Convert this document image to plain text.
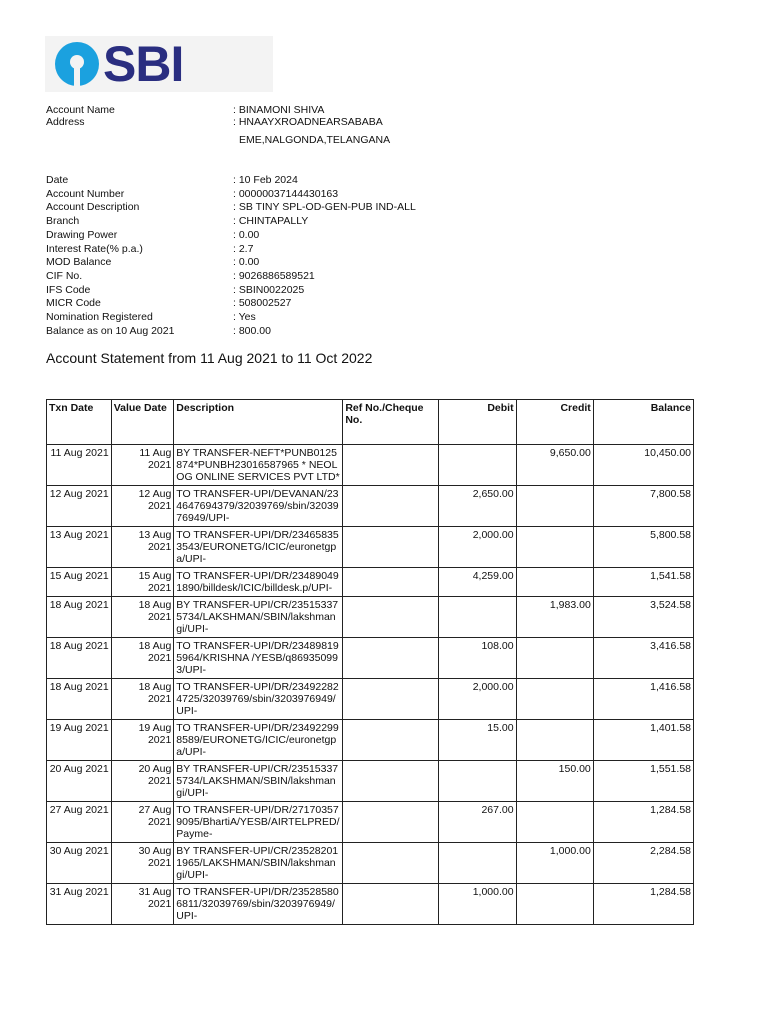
SBI
Account Name	: BINAMONI SHIVA
Address	: HNAAYXROADNEARSABABA
EME,NALGONDA,TELANGANA
Date	: 10 Feb 2024
Account Number	: 00000037144430163
Account Description	: SB TINY SPL-OD-GEN-PUB IND-ALL
Branch	: CHINTAPALLY
Drawing Power	: 0.00
Interest Rate(% p.a.)	: 2.7
MOD Balance	: 0.00
CIF No.	: 9026886589521
IFS Code	: SBIN0022025
MICR Code	: 508002527
Nomination Registered	: Yes
Balance as on 10 Aug 2021	: 800.00
Account Statement from 11 Aug 2021 to 11 Oct 2022
Txn Date	Value Date	Description	Ref No./Cheque No.	Debit	Credit	Balance
11 Aug 2021	11 Aug 2021	BY TRANSFER-NEFT*PUNB0125874*PUNBH23016587965 * NEOLOG ONLINE SERVICES PVT LTD*			9,650.00	10,450.00
12 Aug 2021	12 Aug 2021	TO TRANSFER-UPI/DEVANAN/234647694379/32039769/sbin/3203976949/UPI-		2,650.00		7,800.58
13 Aug 2021	13 Aug 2021	TO TRANSFER-UPI/DR/234658353543/EURONETG/ICIC/euronetgpa/UPI-		2,000.00		5,800.58
15 Aug 2021	15 Aug 2021	TO TRANSFER-UPI/DR/234890491890/billdesk/ICIC/billdesk.p/UPI-		4,259.00		1,541.58
18 Aug 2021	18 Aug 2021	BY TRANSFER-UPI/CR/235153375734/LAKSHMAN/SBIN/lakshmangi/UPI-			1,983.00	3,524.58
18 Aug 2021	18 Aug 2021	TO TRANSFER-UPI/DR/234898195964/KRISHNA /YESB/q869350993/UPI-		108.00		3,416.58
18 Aug 2021	18 Aug 2021	TO TRANSFER-UPI/DR/234922824725/32039769/sbin/3203976949/UPI-		2,000.00		1,416.58
19 Aug 2021	19 Aug 2021	TO TRANSFER-UPI/DR/234922998589/EURONETG/ICIC/euronetgpa/UPI-		15.00		1,401.58
20 Aug 2021	20 Aug 2021	BY TRANSFER-UPI/CR/235153375734/LAKSHMAN/SBIN/lakshmangi/UPI-			150.00	1,551.58
27 Aug 2021	27 Aug 2021	TO TRANSFER-UPI/DR/271703579095/BhartiA/YESB/AIRTELPRED/Payme-		267.00		1,284.58
30 Aug 2021	30 Aug 2021	BY TRANSFER-UPI/CR/235282011965/LAKSHMAN/SBIN/lakshmangi/UPI-			1,000.00	2,284.58
31 Aug 2021	31 Aug 2021	TO TRANSFER-UPI/DR/235285806811/32039769/sbin/3203976949/UPI-		1,000.00		1,284.58
